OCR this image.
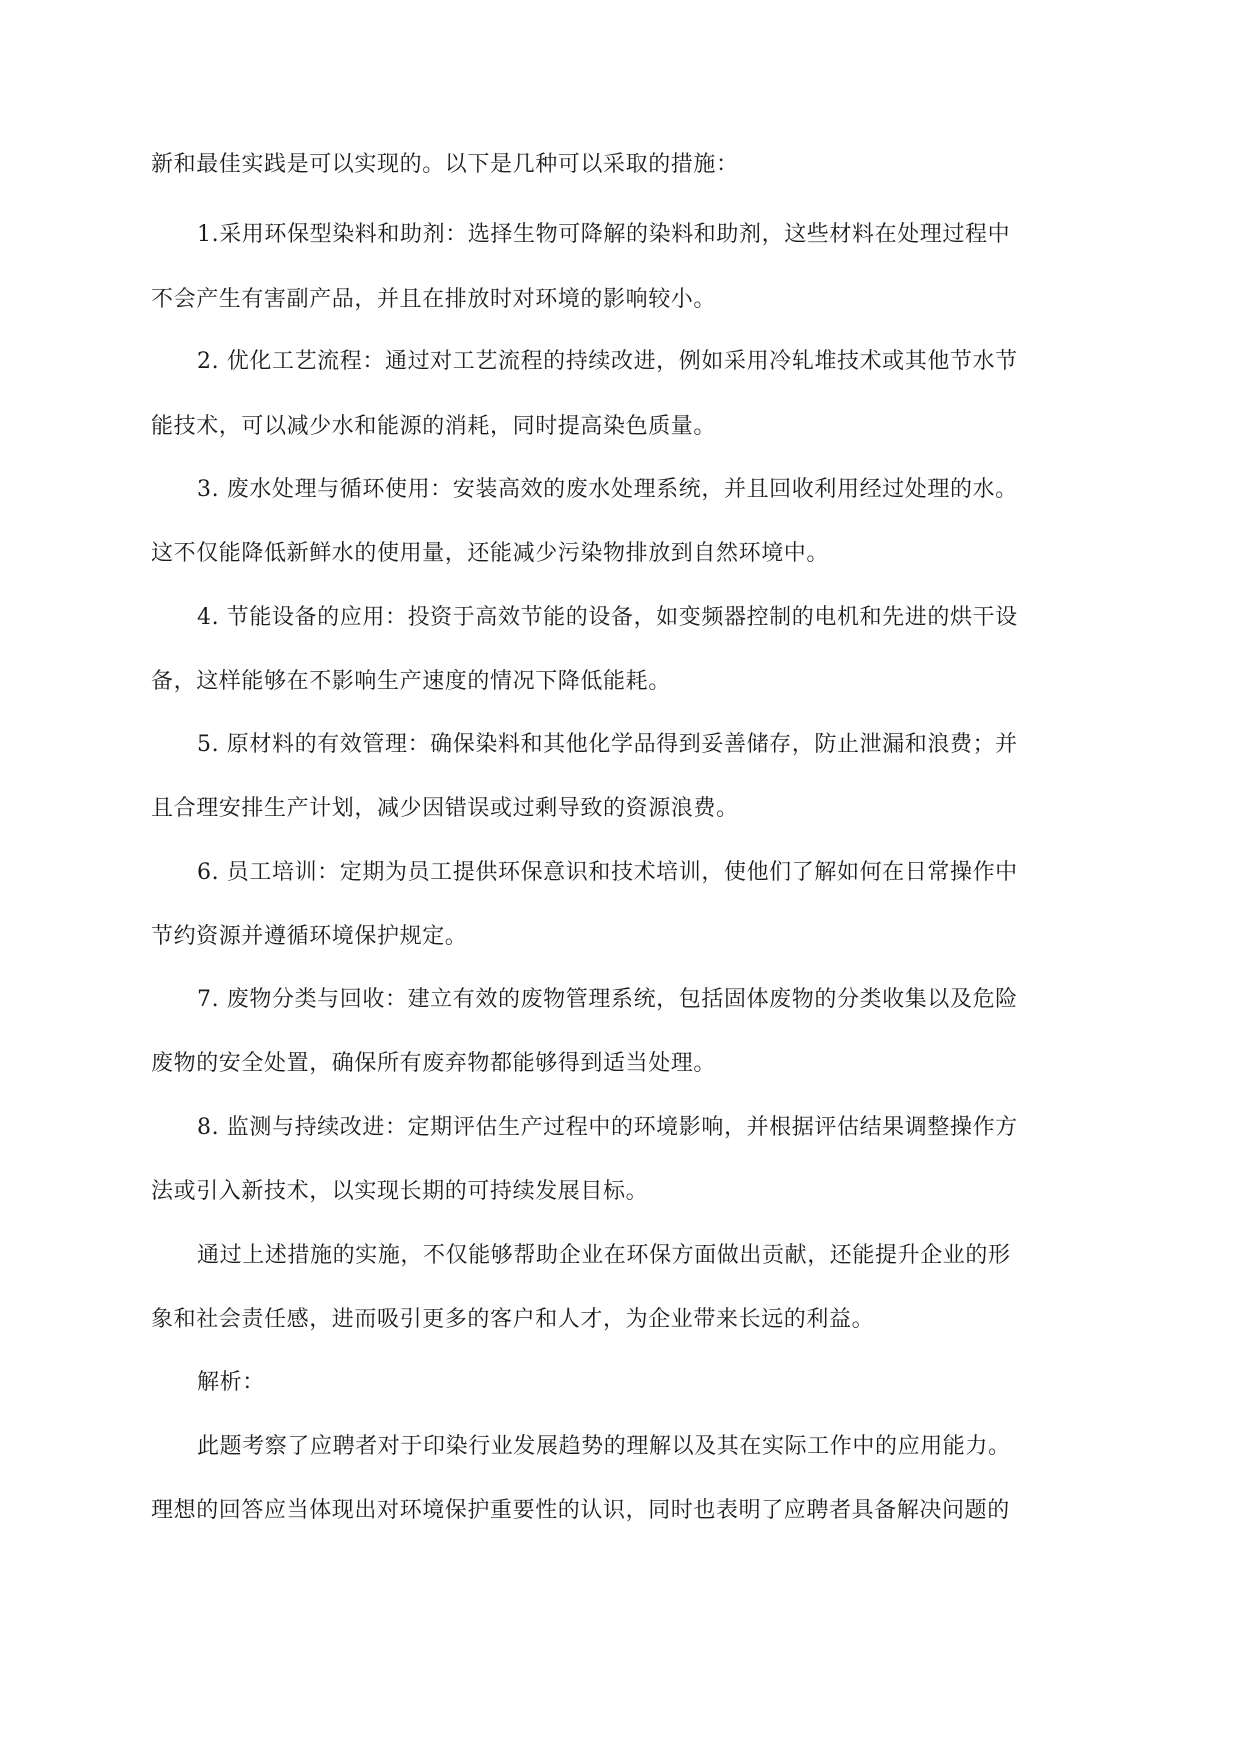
新和最佳实践是可以实现的。以下是几种可以采取的措施：
1.采用环保型染料和助剂：选择生物可降解的染料和助剂，这些材料在处理过程中
不会产生有害副产品，并且在排放时对环境的影响较小。
2. 优化工艺流程：通过对工艺流程的持续改进，例如采用冷轧堆技术或其他节水节
能技术，可以减少水和能源的消耗，同时提高染色质量。
3. 废水处理与循环使用：安装高效的废水处理系统，并且回收利用经过处理的水。
这不仅能降低新鲜水的使用量，还能减少污染物排放到自然环境中。
4. 节能设备的应用：投资于高效节能的设备，如变频器控制的电机和先进的烘干设
备，这样能够在不影响生产速度的情况下降低能耗。
5. 原材料的有效管理：确保染料和其他化学品得到妥善储存，防止泄漏和浪费；并
且合理安排生产计划，减少因错误或过剩导致的资源浪费。
6. 员工培训：定期为员工提供环保意识和技术培训，使他们了解如何在日常操作中
节约资源并遵循环境保护规定。
7. 废物分类与回收：建立有效的废物管理系统，包括固体废物的分类收集以及危险
废物的安全处置，确保所有废弃物都能够得到适当处理。
8. 监测与持续改进：定期评估生产过程中的环境影响，并根据评估结果调整操作方
法或引入新技术，以实现长期的可持续发展目标。
通过上述措施的实施，不仅能够帮助企业在环保方面做出贡献，还能提升企业的形
象和社会责任感，进而吸引更多的客户和人才，为企业带来长远的利益。
解析：
此题考察了应聘者对于印染行业发展趋势的理解以及其在实际工作中的应用能力。
理想的回答应当体现出对环境保护重要性的认识，同时也表明了应聘者具备解决问题的
